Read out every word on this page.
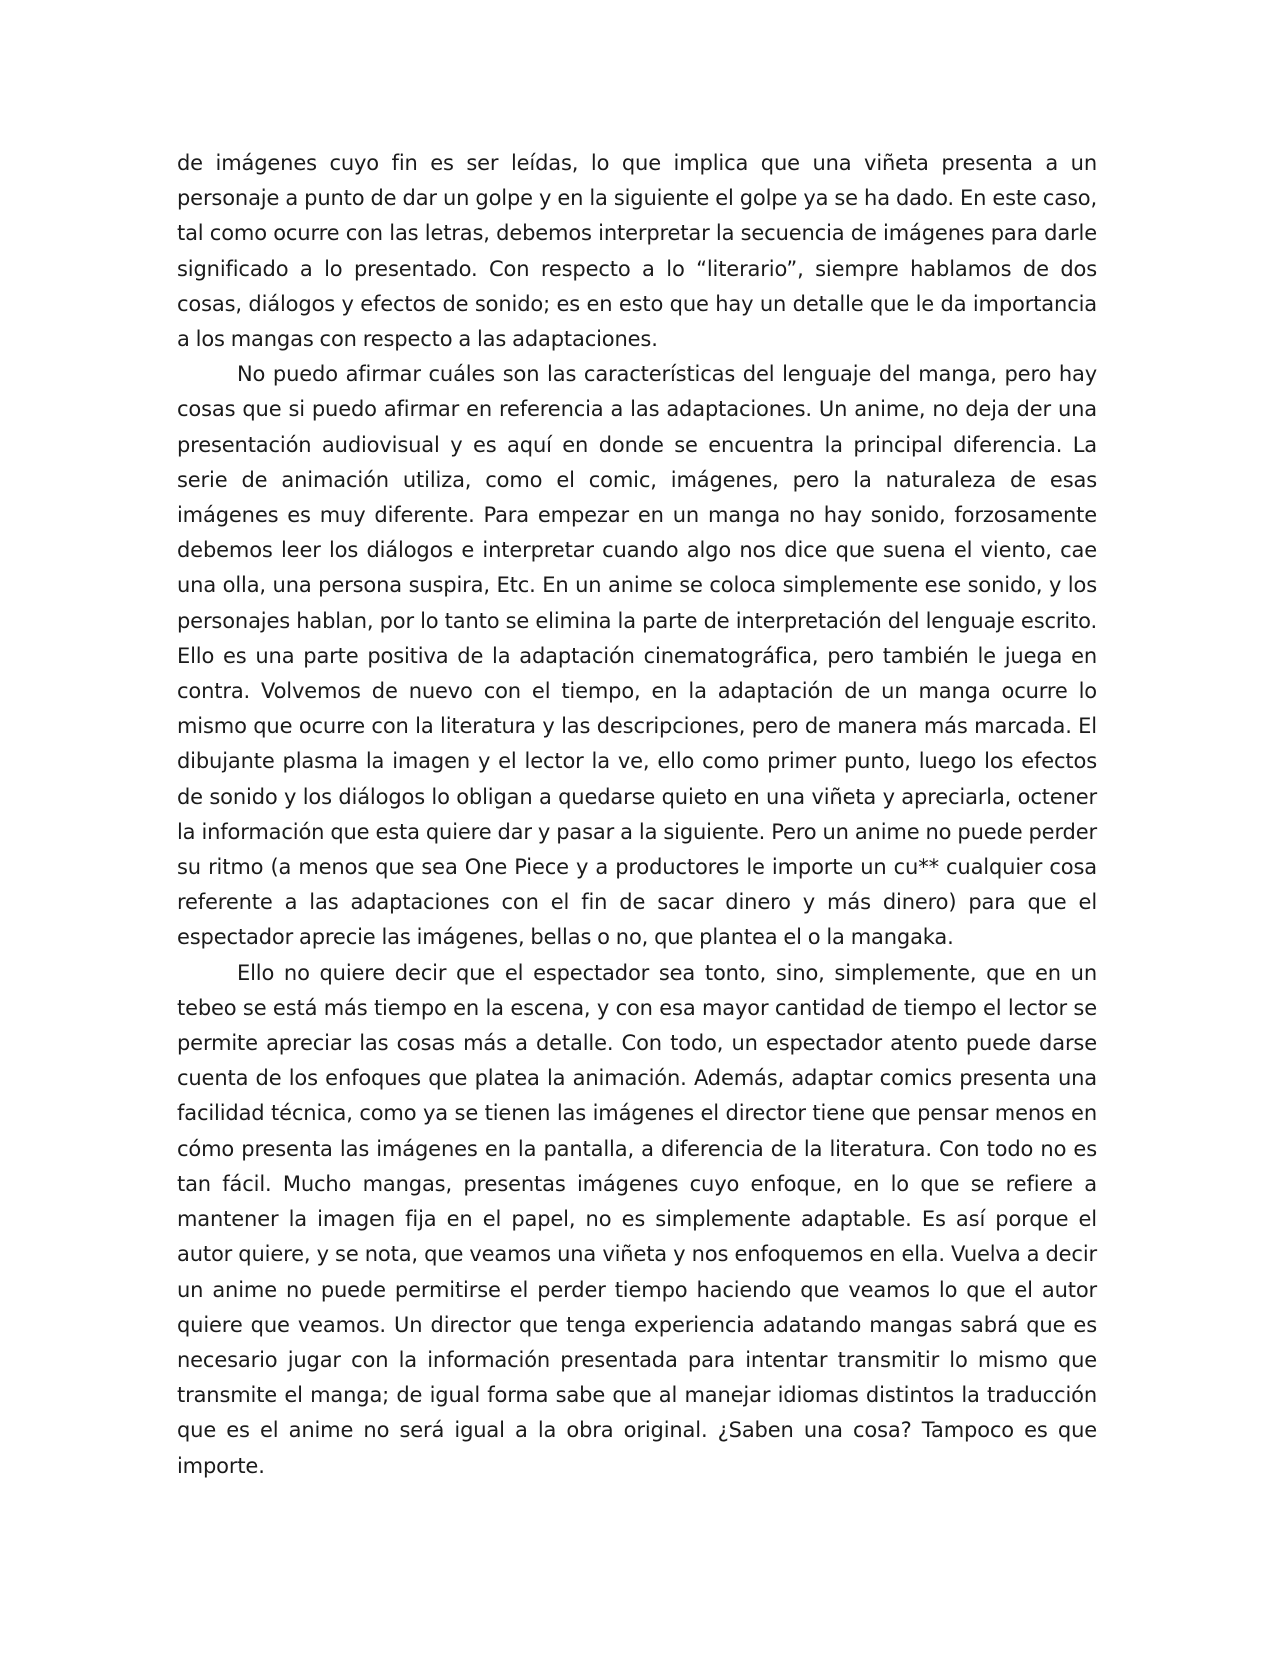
de imágenes cuyo fin es ser leídas, lo que implica que una viñeta presenta a un personaje a punto de dar un golpe y en la siguiente el golpe ya se ha dado. En este caso, tal como ocurre con las letras, debemos interpretar la secuencia de imágenes para darle significado a lo presentado. Con respecto a lo “literario”, siempre hablamos de dos cosas, diálogos y efectos de sonido; es en esto que hay un detalle que le da importancia a los mangas con respecto a las adaptaciones.

No puedo afirmar cuáles son las características del lenguaje del manga, pero hay cosas que si puedo afirmar en referencia a las adaptaciones. Un anime, no deja der una presentación audiovisual y es aquí en donde se encuentra la principal diferencia. La serie de animación utiliza, como el comic, imágenes, pero la naturaleza de esas imágenes es muy diferente. Para empezar en un manga no hay sonido, forzosamente debemos leer los diálogos e interpretar cuando algo nos dice que suena el viento, cae una olla, una persona suspira, Etc. En un anime se coloca simplemente ese sonido, y los personajes hablan, por lo tanto se elimina la parte de interpretación del lenguaje escrito. Ello es una parte positiva de la adaptación cinematográfica, pero también le juega en contra. Volvemos de nuevo con el tiempo, en la adaptación de un manga ocurre lo mismo que ocurre con la literatura y las descripciones, pero de manera más marcada. El dibujante plasma la imagen y el lector la ve, ello como primer punto, luego los efectos de sonido y los diálogos lo obligan a quedarse quieto en una viñeta y apreciarla, octener la información que esta quiere dar y pasar a la siguiente. Pero un anime no puede perder su ritmo (a menos que sea One Piece y a productores le importe un cu** cualquier cosa referente a las adaptaciones con el fin de sacar dinero y más dinero) para que el espectador aprecie las imágenes, bellas o no, que plantea el o la mangaka.

Ello no quiere decir que el espectador sea tonto, sino, simplemente, que en un tebeo se está más tiempo en la escena, y con esa mayor cantidad de tiempo el lector se permite apreciar las cosas más a detalle. Con todo, un espectador atento puede darse cuenta de los enfoques que platea la animación. Además, adaptar comics presenta una facilidad técnica, como ya se tienen las imágenes el director tiene que pensar menos en cómo presenta las imágenes en la pantalla, a diferencia de la literatura. Con todo no es tan fácil. Mucho mangas, presentas imágenes cuyo enfoque, en lo que se refiere a mantener la imagen fija en el papel, no es simplemente adaptable. Es así porque el autor quiere, y se nota, que veamos una viñeta y nos enfoquemos en ella. Vuelva a decir un anime no puede permitirse el perder tiempo haciendo que veamos lo que el autor quiere que veamos. Un director que tenga experiencia adatando mangas sabrá que es necesario jugar con la información presentada para intentar transmitir lo mismo que transmite el manga; de igual forma sabe que al manejar idiomas distintos la traducción que es el anime no será igual a la obra original. ¿Saben una cosa? Tampoco es que importe.
